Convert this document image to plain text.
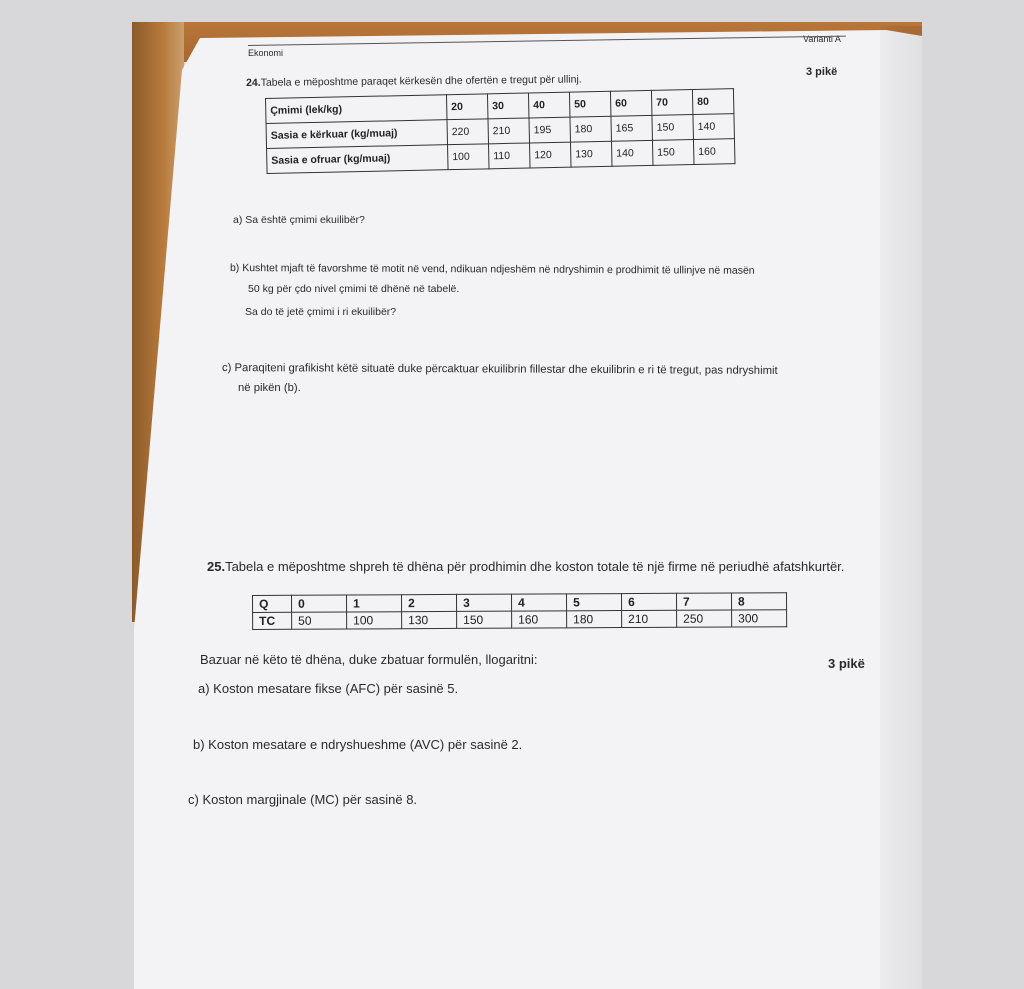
Varianti A
Ekonomi
3 pikë
24.Tabela e mëposhtme paraqet kërkesën dhe ofertën e tregut për ullinj.
Çmimi (lek/kg)	20	30	40	50	60	70	80
Sasia e kërkuar (kg/muaj)	220	210	195	180	165	150	140
Sasia e ofruar (kg/muaj)	100	110	120	130	140	150	160
a) Sa është çmimi ekuilibër?
b) Kushtet mjaft të favorshme të motit në vend, ndikuan ndjeshëm në ndryshimin e prodhimit të ullinjve në masën
50 kg për çdo nivel çmimi të dhënë në tabelë.
Sa do të jetë çmimi i ri ekuilibër?
c) Paraqiteni grafikisht këtë situatë duke përcaktuar ekuilibrin fillestar dhe ekuilibrin e ri të tregut, pas ndryshimit
në pikën (b).
25.Tabela e mëposhtme shpreh të dhëna për prodhimin dhe koston totale të një firme në periudhë afatshkurtër.
Q	0	1	2	3	4	5	6	7	8
TC	50	100	130	150	160	180	210	250	300
Bazuar në këto të dhëna, duke zbatuar formulën, llogaritni:	3 pikë
a) Koston mesatare fikse (AFC) për sasinë 5.
b) Koston mesatare e ndryshueshme (AVC) për sasinë 2.
c) Koston margjinale (MC) për sasinë 8.
